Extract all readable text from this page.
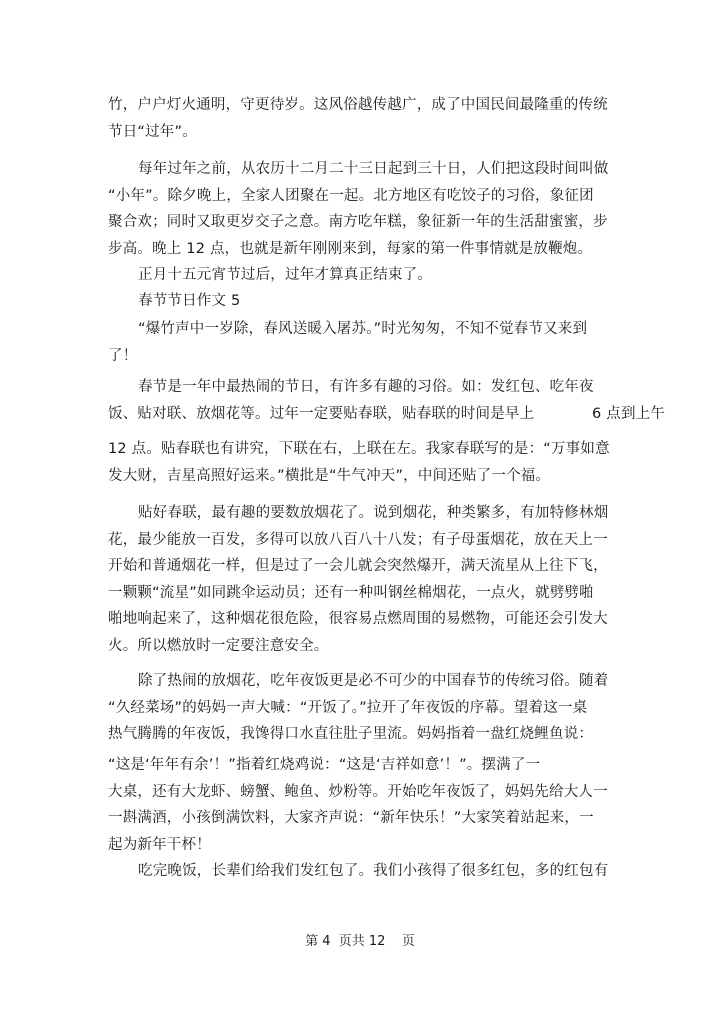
竹，户户灯火通明，守更待岁。这风俗越传越广，成了中国民间最隆重的传统
节日“过年”。

每年过年之前，从农历十二月二十三日起到三十日，人们把这段时间叫做
“小年”。除夕晚上，全家人团聚在一起。北方地区有吃饺子的习俗，象征团
聚合欢；同时又取更岁交子之意。南方吃年糕，象征新一年的生活甜蜜蜜，步
步高。晚上 12 点，也就是新年刚刚来到，每家的第一件事情就是放鞭炮。

正月十五元宵节过后，过年才算真正结束了。

春节节日作文 5

“爆竹声中一岁除，春风送暖入屠苏。”时光匆匆，不知不觉春节又来到
了！

春节是一年中最热闹的节日，有许多有趣的习俗。如：发红包、吃年夜
饭、贴对联、放烟花等。过年一定要贴春联，贴春联的时间是早上            6 点到上午

12 点。贴春联也有讲究，下联在右，上联在左。我家春联写的是：“万事如意
发大财，吉星高照好运来。”横批是“牛气冲天”，中间还贴了一个福。

贴好春联，最有趣的要数放烟花了。说到烟花，种类繁多，有加特修林烟
花，最少能放一百发，多得可以放八百八十八发；有子母蛋烟花，放在天上一
开始和普通烟花一样，但是过了一会儿就会突然爆开，满天流星从上往下飞，
一颗颗“流星”如同跳伞运动员；还有一种叫钢丝棉烟花，一点火，就劈劈啪
啪地响起来了，这种烟花很危险，很容易点燃周围的易燃物，可能还会引发大
火。所以燃放时一定要注意安全。

除了热闹的放烟花，吃年夜饭更是必不可少的中国春节的传统习俗。随着
“久经菜场”的妈妈一声大喊：“开饭了。”拉开了年夜饭的序幕。望着这一桌
热气腾腾的年夜饭，我馋得口水直往肚子里流。妈妈指着一盘红烧鲤鱼说：

“这是‘年年有余’！”指着红烧鸡说：“这是‘吉祥如意’！”。摆满了一
大桌，还有大龙虾、螃蟹、鲍鱼、炒粉等。开始吃年夜饭了，妈妈先给大人一
一斟满酒，小孩倒满饮料，大家齐声说：“新年快乐！”大家笑着站起来，一
起为新年干杯！

吃完晚饭，长辈们给我们发红包了。我们小孩得了很多红包，多的红包有

第 4  页共 12    页
